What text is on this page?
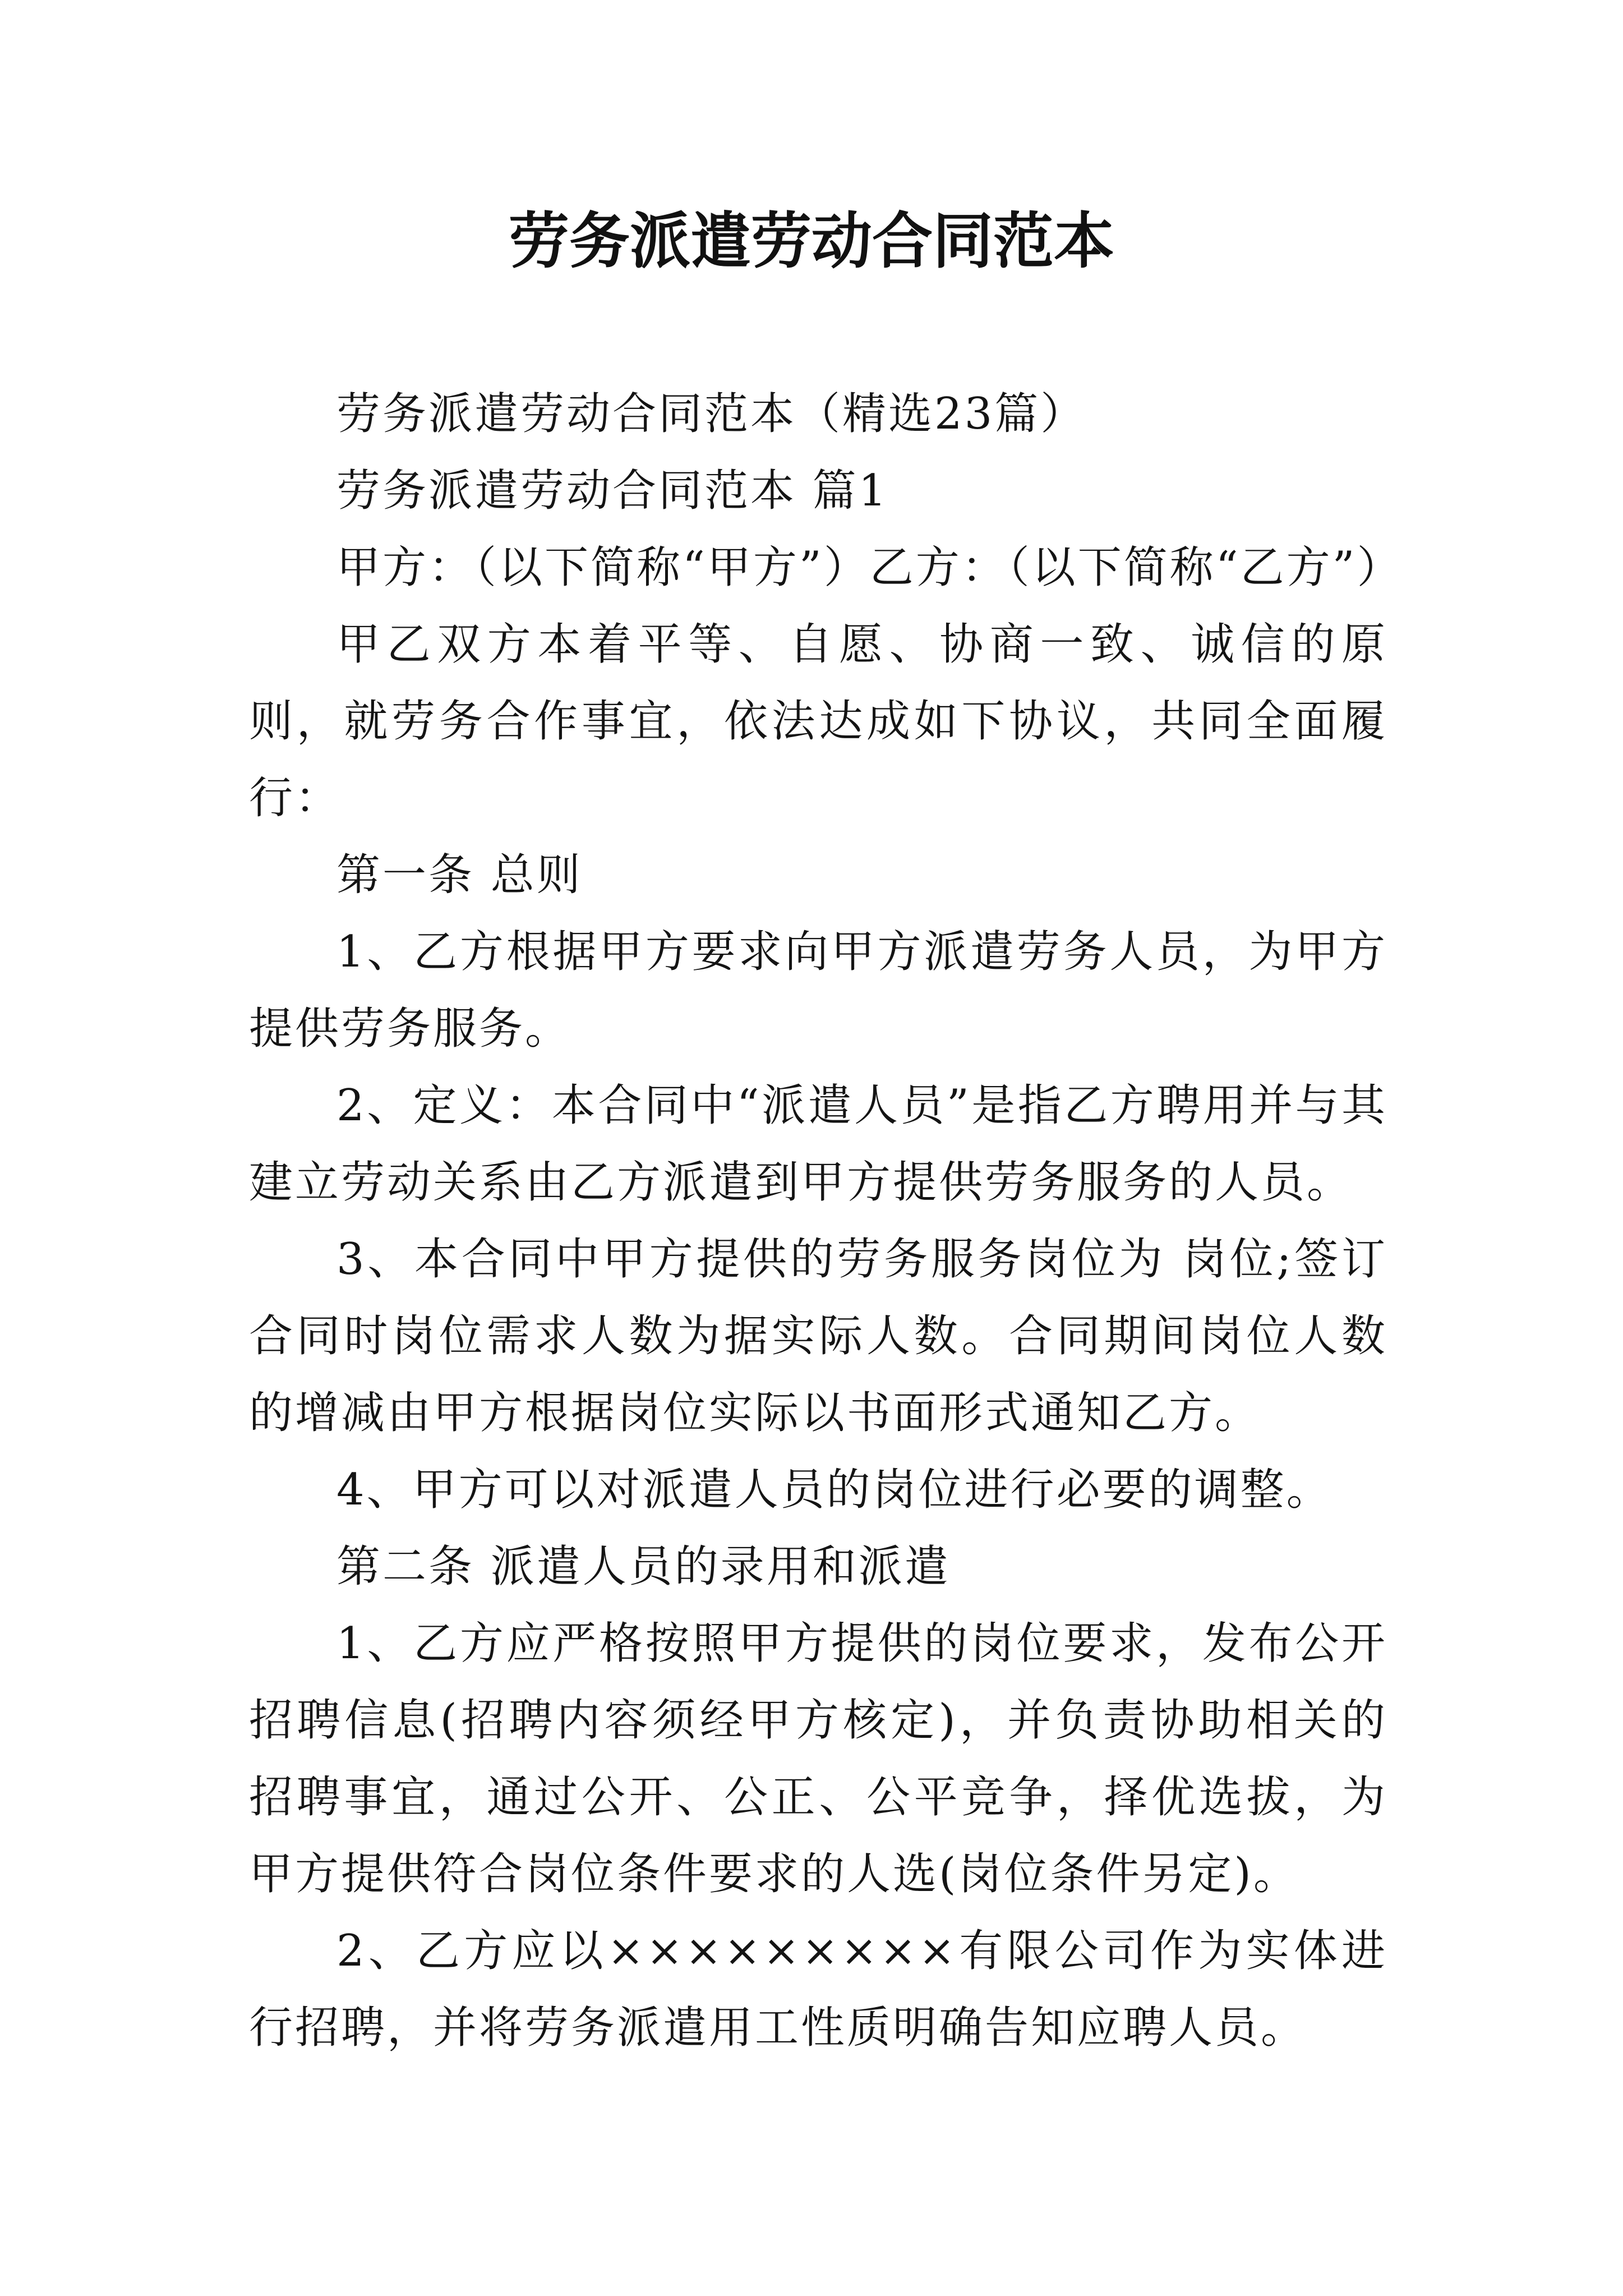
劳务派遣劳动合同范本

劳务派遣劳动合同范本（精选23篇）

劳务派遣劳动合同范本 篇1

甲方：（以下简称“甲方”）乙方：（以下简称“乙方”）

甲乙双方本着平等、自愿、协商一致、诚信的原则，就劳务合作事宜，依法达成如下协议，共同全面履行：

第一条 总则

1、乙方根据甲方要求向甲方派遣劳务人员，为甲方提供劳务服务。

2、定义：本合同中“派遣人员”是指乙方聘用并与其建立劳动关系由乙方派遣到甲方提供劳务服务的人员。

3、本合同中甲方提供的劳务服务岗位为 岗位;签订合同时岗位需求人数为据实际人数。合同期间岗位人数的增减由甲方根据岗位实际以书面形式通知乙方。

4、甲方可以对派遣人员的岗位进行必要的调整。

第二条 派遣人员的录用和派遣

1、乙方应严格按照甲方提供的岗位要求，发布公开招聘信息(招聘内容须经甲方核定)，并负责协助相关的招聘事宜，通过公开、公正、公平竞争，择优选拔，为甲方提供符合岗位条件要求的人选(岗位条件另定)。

2、乙方应以×××××××××有限公司作为实体进行招聘，并将劳务派遣用工性质明确告知应聘人员。
